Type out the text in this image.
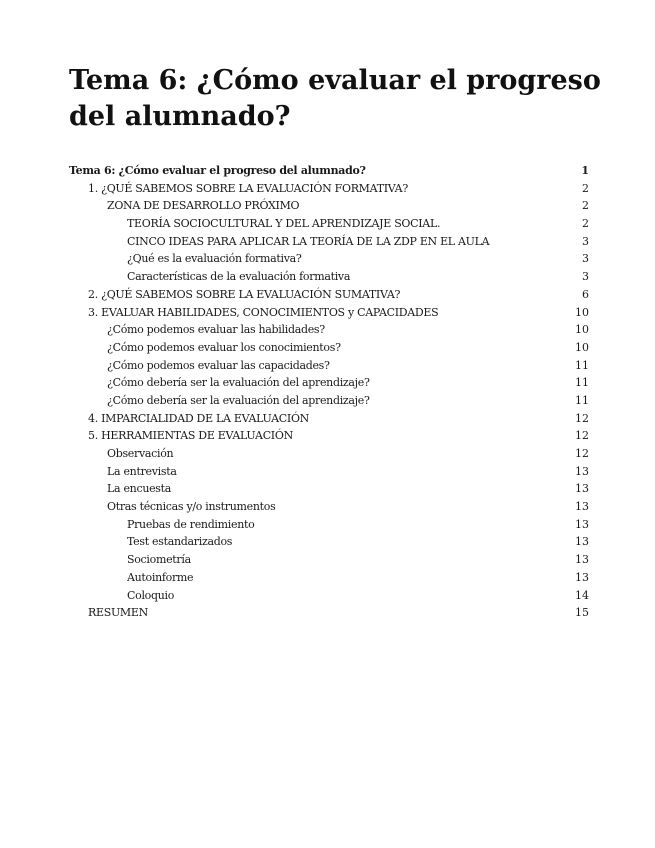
Tema 6: ¿Cómo evaluar el progreso del alumnado?
Tema 6: ¿Cómo evaluar el progreso del alumnado?	1
1. ¿QUÉ SABEMOS SOBRE LA EVALUACIÓN FORMATIVA?	2
ZONA DE DESARROLLO PRÓXIMO	2
TEORÍA SOCIOCULTURAL Y DEL APRENDIZAJE SOCIAL.	2
CINCO IDEAS PARA APLICAR LA TEORÍA DE LA ZDP EN EL AULA	3
¿Qué es la evaluación formativa?	3
Características de la evaluación formativa	3
2. ¿QUÉ SABEMOS SOBRE LA EVALUACIÓN SUMATIVA?	6
3. EVALUAR HABILIDADES, CONOCIMIENTOS y CAPACIDADES	10
¿Cómo podemos evaluar las habilidades?	10
¿Cómo podemos evaluar los conocimientos?	10
¿Cómo podemos evaluar las capacidades?	11
¿Cómo debería ser la evaluación del aprendizaje?	11
¿Cómo debería ser la evaluación del aprendizaje?	11
4. IMPARCIALIDAD DE LA EVALUACIÓN	12
5. HERRAMIENTAS DE EVALUACIÓN	12
Observación	12
La entrevista	13
La encuesta	13
Otras técnicas y/o instrumentos	13
Pruebas de rendimiento	13
Test estandarizados	13
Sociometría	13
Autoinforme	13
Coloquio	14
RESUMEN	15
